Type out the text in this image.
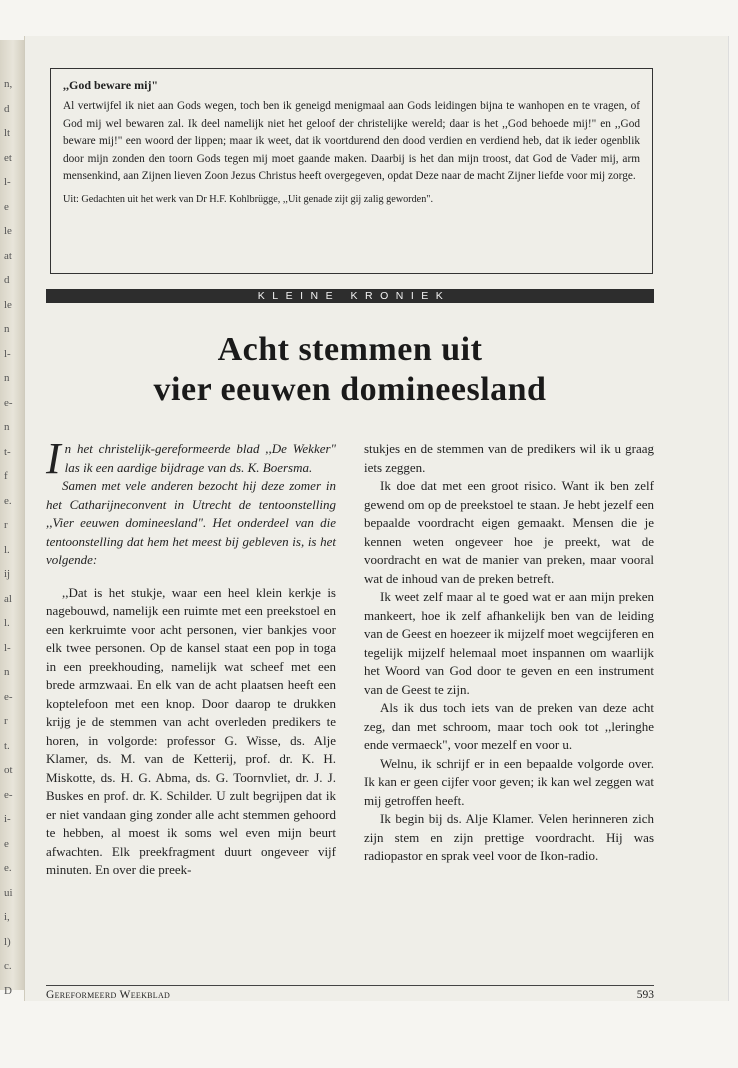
n,
d
lt
et
l-
e
le
at
d
le
n
l-
n
e-
n
t-
f
e.
r
l.
ij
al
l.
l-
n
e-
r
t.
ot
e-
i-
e
e.
ui
i,
l)
c.
D
,,God beware mij"
Al vertwijfel ik niet aan Gods wegen, toch ben ik geneigd menigmaal aan Gods leidingen bijna te wanhopen en te vragen, of God mij wel bewaren zal. Ik deel namelijk niet het geloof der christelijke wereld; daar is het ,,God behoede mij!" en ,,God beware mij!" een woord der lippen; maar ik weet, dat ik voortdurend den dood verdien en verdiend heb, dat ik ieder ogenblik door mijn zonden den toorn Gods tegen mij moet gaande maken. Daarbij is het dan mijn troost, dat God de Vader mij, arm mensenkind, aan Zijnen lieven Zoon Jezus Christus heeft overgegeven, opdat Deze naar de macht Zijner liefde voor mij zorge.
Uit: Gedachten uit het werk van Dr H.F. Kohlbrügge, ,,Uit genade zijt gij zalig geworden".
KLEINE KRONIEK
Acht stemmen uit
vier eeuwen domineesland

In het christelijk-gereformeerde blad ,,De Wekker" las ik een aardige bijdrage van ds. K. Boersma.

Samen met vele anderen bezocht hij deze zomer in het Catharijneconvent in Utrecht de tentoonstelling ,,Vier eeuwen domineesland". Het onderdeel van die tentoonstelling dat hem het meest bij gebleven is, is het volgende:

,,Dat is het stukje, waar een heel klein kerkje is nagebouwd, namelijk een ruimte met een preekstoel en een kerkruimte voor acht personen, vier bankjes voor elk twee personen. Op de kansel staat een pop in toga in een preekhouding, namelijk wat scheef met een brede armzwaai. En elk van de acht plaatsen heeft een koptelefoon met een knop. Door daarop te drukken krijg je de stemmen van acht overleden predikers te horen, in volgorde: professor G. Wisse, ds. Alje Klamer, ds. M. van de Ketterij, prof. dr. K. H. Miskotte, ds. H. G. Abma, ds. G. Toornvliet, dr. J. J. Buskes en prof. dr. K. Schilder. U zult begrijpen dat ik er niet vandaan ging zonder alle acht stemmen gehoord te hebben, al moest ik soms wel even mijn beurt afwachten. Elk preekfragment duurt ongeveer vijf minuten. En over die preek-

stukjes en de stemmen van de predikers wil ik u graag iets zeggen.

Ik doe dat met een groot risico. Want ik ben zelf gewend om op de preekstoel te staan. Je hebt jezelf een bepaalde voordracht eigen gemaakt. Mensen die je kennen weten ongeveer hoe je preekt, wat de voordracht en wat de manier van preken, maar vooral wat de inhoud van de preken betreft.

Ik weet zelf maar al te goed wat er aan mijn preken mankeert, hoe ik zelf afhankelijk ben van de leiding van de Geest en hoezeer ik mijzelf moet wegcijferen en tegelijk mijzelf helemaal moet inspannen om waarlijk het Woord van God door te geven en een instrument van de Geest te zijn.

Als ik dus toch iets van de preken van deze acht zeg, dan met schroom, maar toch ook tot ,,leringhe ende vermaeck", voor mezelf en voor u.

Welnu, ik schrijf er in een bepaalde volgorde over. Ik kan er geen cijfer voor geven; ik kan wel zeggen wat mij getroffen heeft.

Ik begin bij ds. Alje Klamer. Velen herinneren zich zijn stem en zijn prettige voordracht. Hij was radiopastor en sprak veel voor de Ikon-radio.

Gereformeerd Weekblad	593
